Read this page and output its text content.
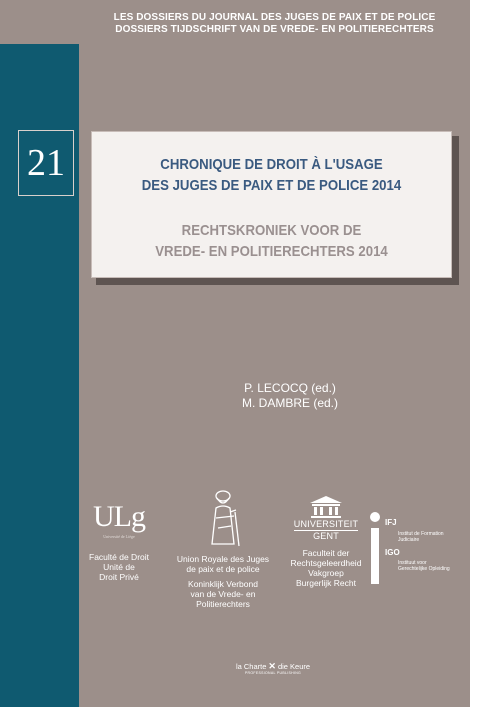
LES DOSSIERS DU JOURNAL DES JUGES DE PAIX ET DE POLICE
DOSSIERS TIJDSCHRIFT VAN DE VREDE- EN POLITIERECHTERS
21	CHRONIQUE DE DROIT À L'USAGE
DES JUGES DE PAIX ET DE POLICE 2014
RECHTSKRONIEK VOOR DE
VREDE- EN POLITIERECHTERS 2014
P. LECOCQ (ed.)
M. DAMBRE (ed.)
ULg
Université de Liège
Faculté de Droit
Unité de
Droit Privé
Union Royale des Juges
de paix et de police
Koninklijk Verbond
van de Vrede- en
Politierechters
UNIVERSITEIT
GENT
Faculteit der
Rechtsgeleerdheid
Vakgroep
Burgerlijk Recht
IFJ
Institut de Formation
Judiciaire
IGO
Instituut voor
Gerechtelijke Opleiding
la Charte ✕ die Keure
PROFESSIONAL PUBLISHING
